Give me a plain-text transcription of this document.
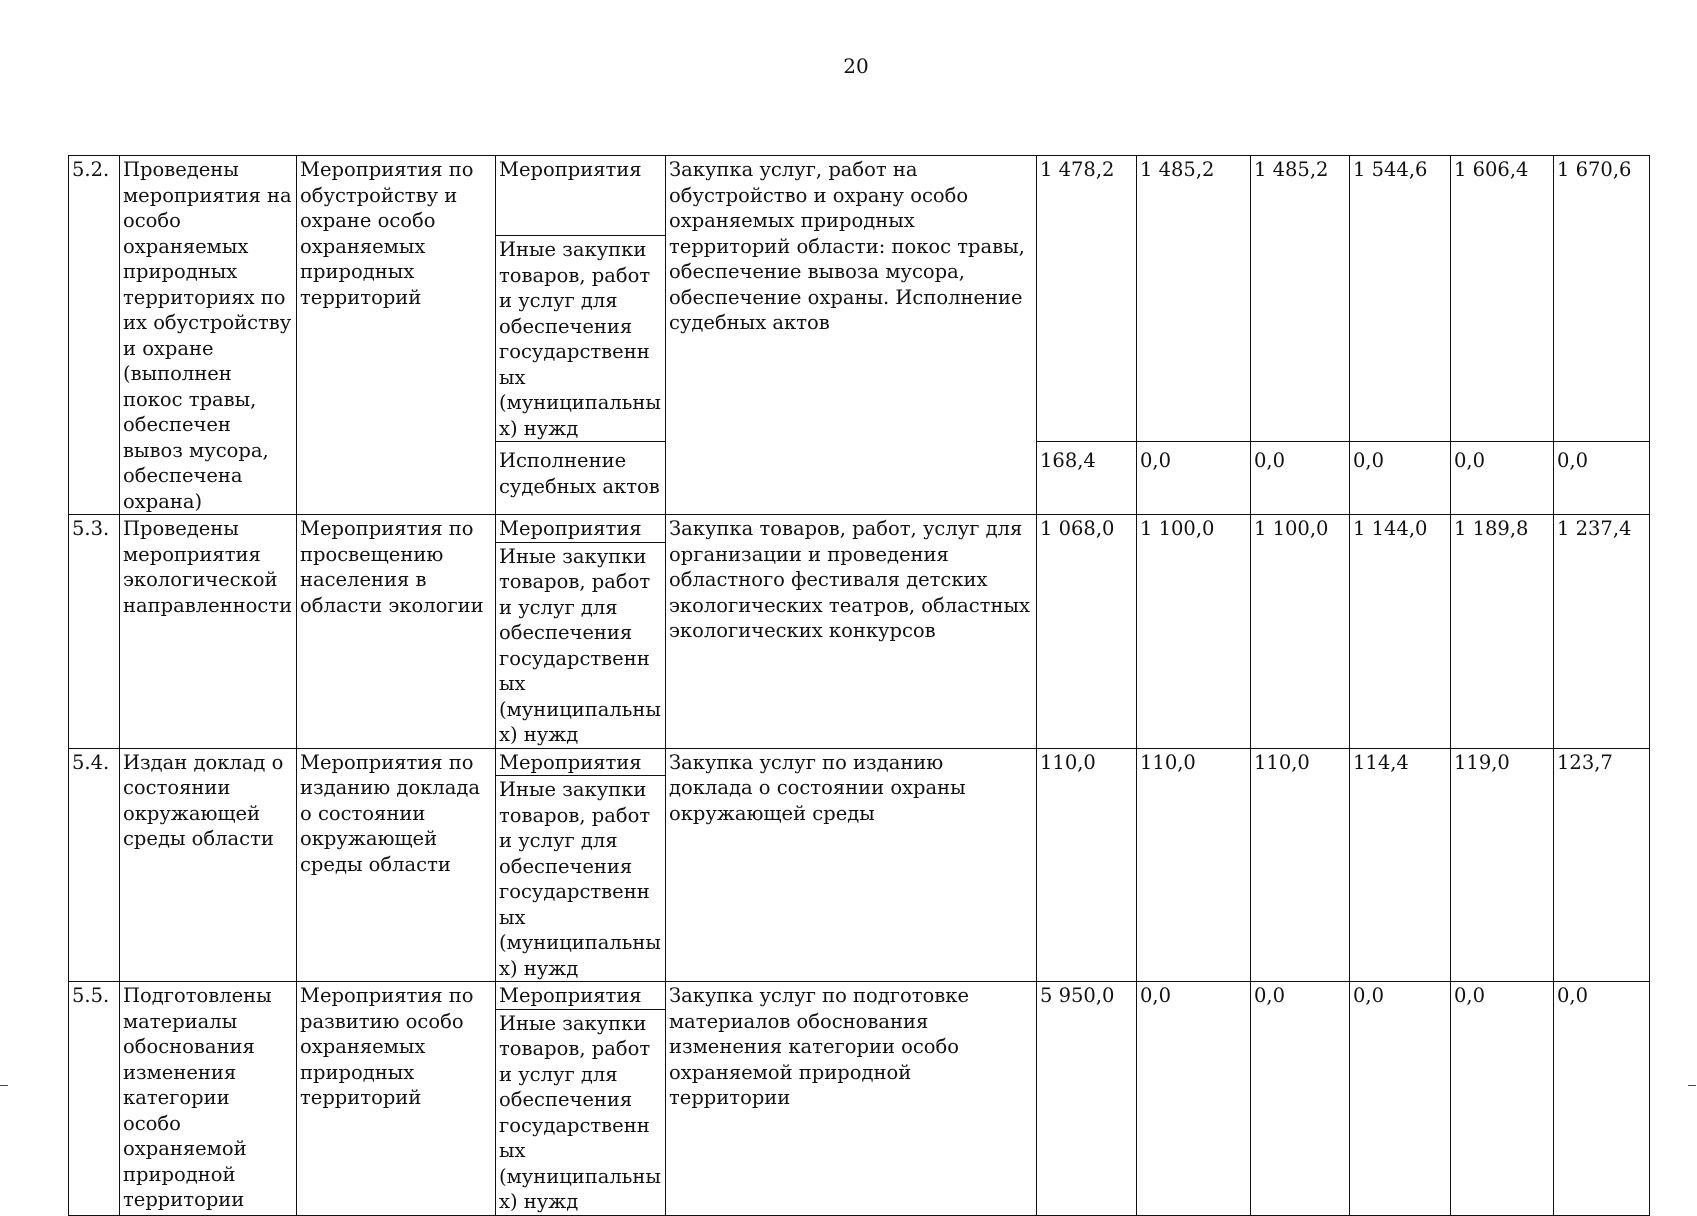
20
5.2.	Проведены мероприятия на особо охраняемых природных территориях по их обустройству и охране (выполнен покос травы, обеспечен вывоз мусора, обеспечена охрана)	Мероприятия по обустройству и охране особо охраняемых природных территорий	Мероприятия	Закупка услуг, работ на обустройство и охрану особо охраняемых природных территорий области: покос травы, обеспечение вывоза мусора, обеспечение охраны. Исполнение судебных актов	1 478,2	1 485,2	1 485,2	1 544,6	1 606,4	1 670,6
			Иные закупки товаров, работ и услуг для обеспечения государственных (муниципальных) нужд							
			Исполнение судебных актов		168,4	0,0	0,0	0,0	0,0	0,0
5.3.	Проведены мероприятия экологической направленности	Мероприятия по просвещению населения в области экологии	Мероприятия	Закупка товаров, работ, услуг для организации и проведения областного фестиваля детских экологических театров, областных экологических конкурсов	1 068,0	1 100,0	1 100,0	1 144,0	1 189,8	1 237,4
			Иные закупки товаров, работ и услуг для обеспечения государственных (муниципальных) нужд							
5.4.	Издан доклад о состоянии окружающей среды области	Мероприятия по изданию доклада о состоянии окружающей среды области	Мероприятия	Закупка услуг по изданию доклада о состоянии охраны окружающей среды	110,0	110,0	110,0	114,4	119,0	123,7
			Иные закупки товаров, работ и услуг для обеспечения государственных (муниципальных) нужд							
5.5.	Подготовлены материалы обоснования изменения категории особо охраняемой природной территории	Мероприятия по развитию особо охраняемых природных территорий	Мероприятия	Закупка услуг по подготовке материалов обоснования изменения категории особо охраняемой природной территории	5 950,0	0,0	0,0	0,0	0,0	0,0
			Иные закупки товаров, работ и услуг для обеспечения государственных (муниципальных) нужд							
